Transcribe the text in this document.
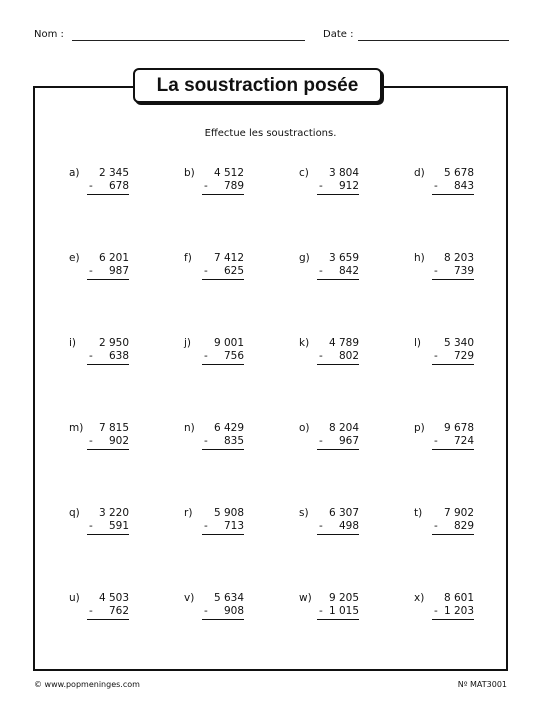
Nom :	Date :
La soustraction posée
Effectue les soustractions.
a) 2 345
- 678
b) 4 512
- 789
c) 3 804
- 912
d) 5 678
- 843
e) 6 201
- 987
f) 7 412
- 625
g) 3 659
- 842
h) 8 203
- 739
i) 2 950
- 638
j) 9 001
- 756
k) 4 789
- 802
l) 5 340
- 729
m) 7 815
- 902
n) 6 429
- 835
o) 8 204
- 967
p) 9 678
- 724
q) 3 220
- 591
r) 5 908
- 713
s) 6 307
- 498
t) 7 902
- 829
u) 4 503
- 762
v) 5 634
- 908
w) 9 205
- 1 015
x) 8 601
- 1 203
© www.popmeninges.com	Nº MAT3001
